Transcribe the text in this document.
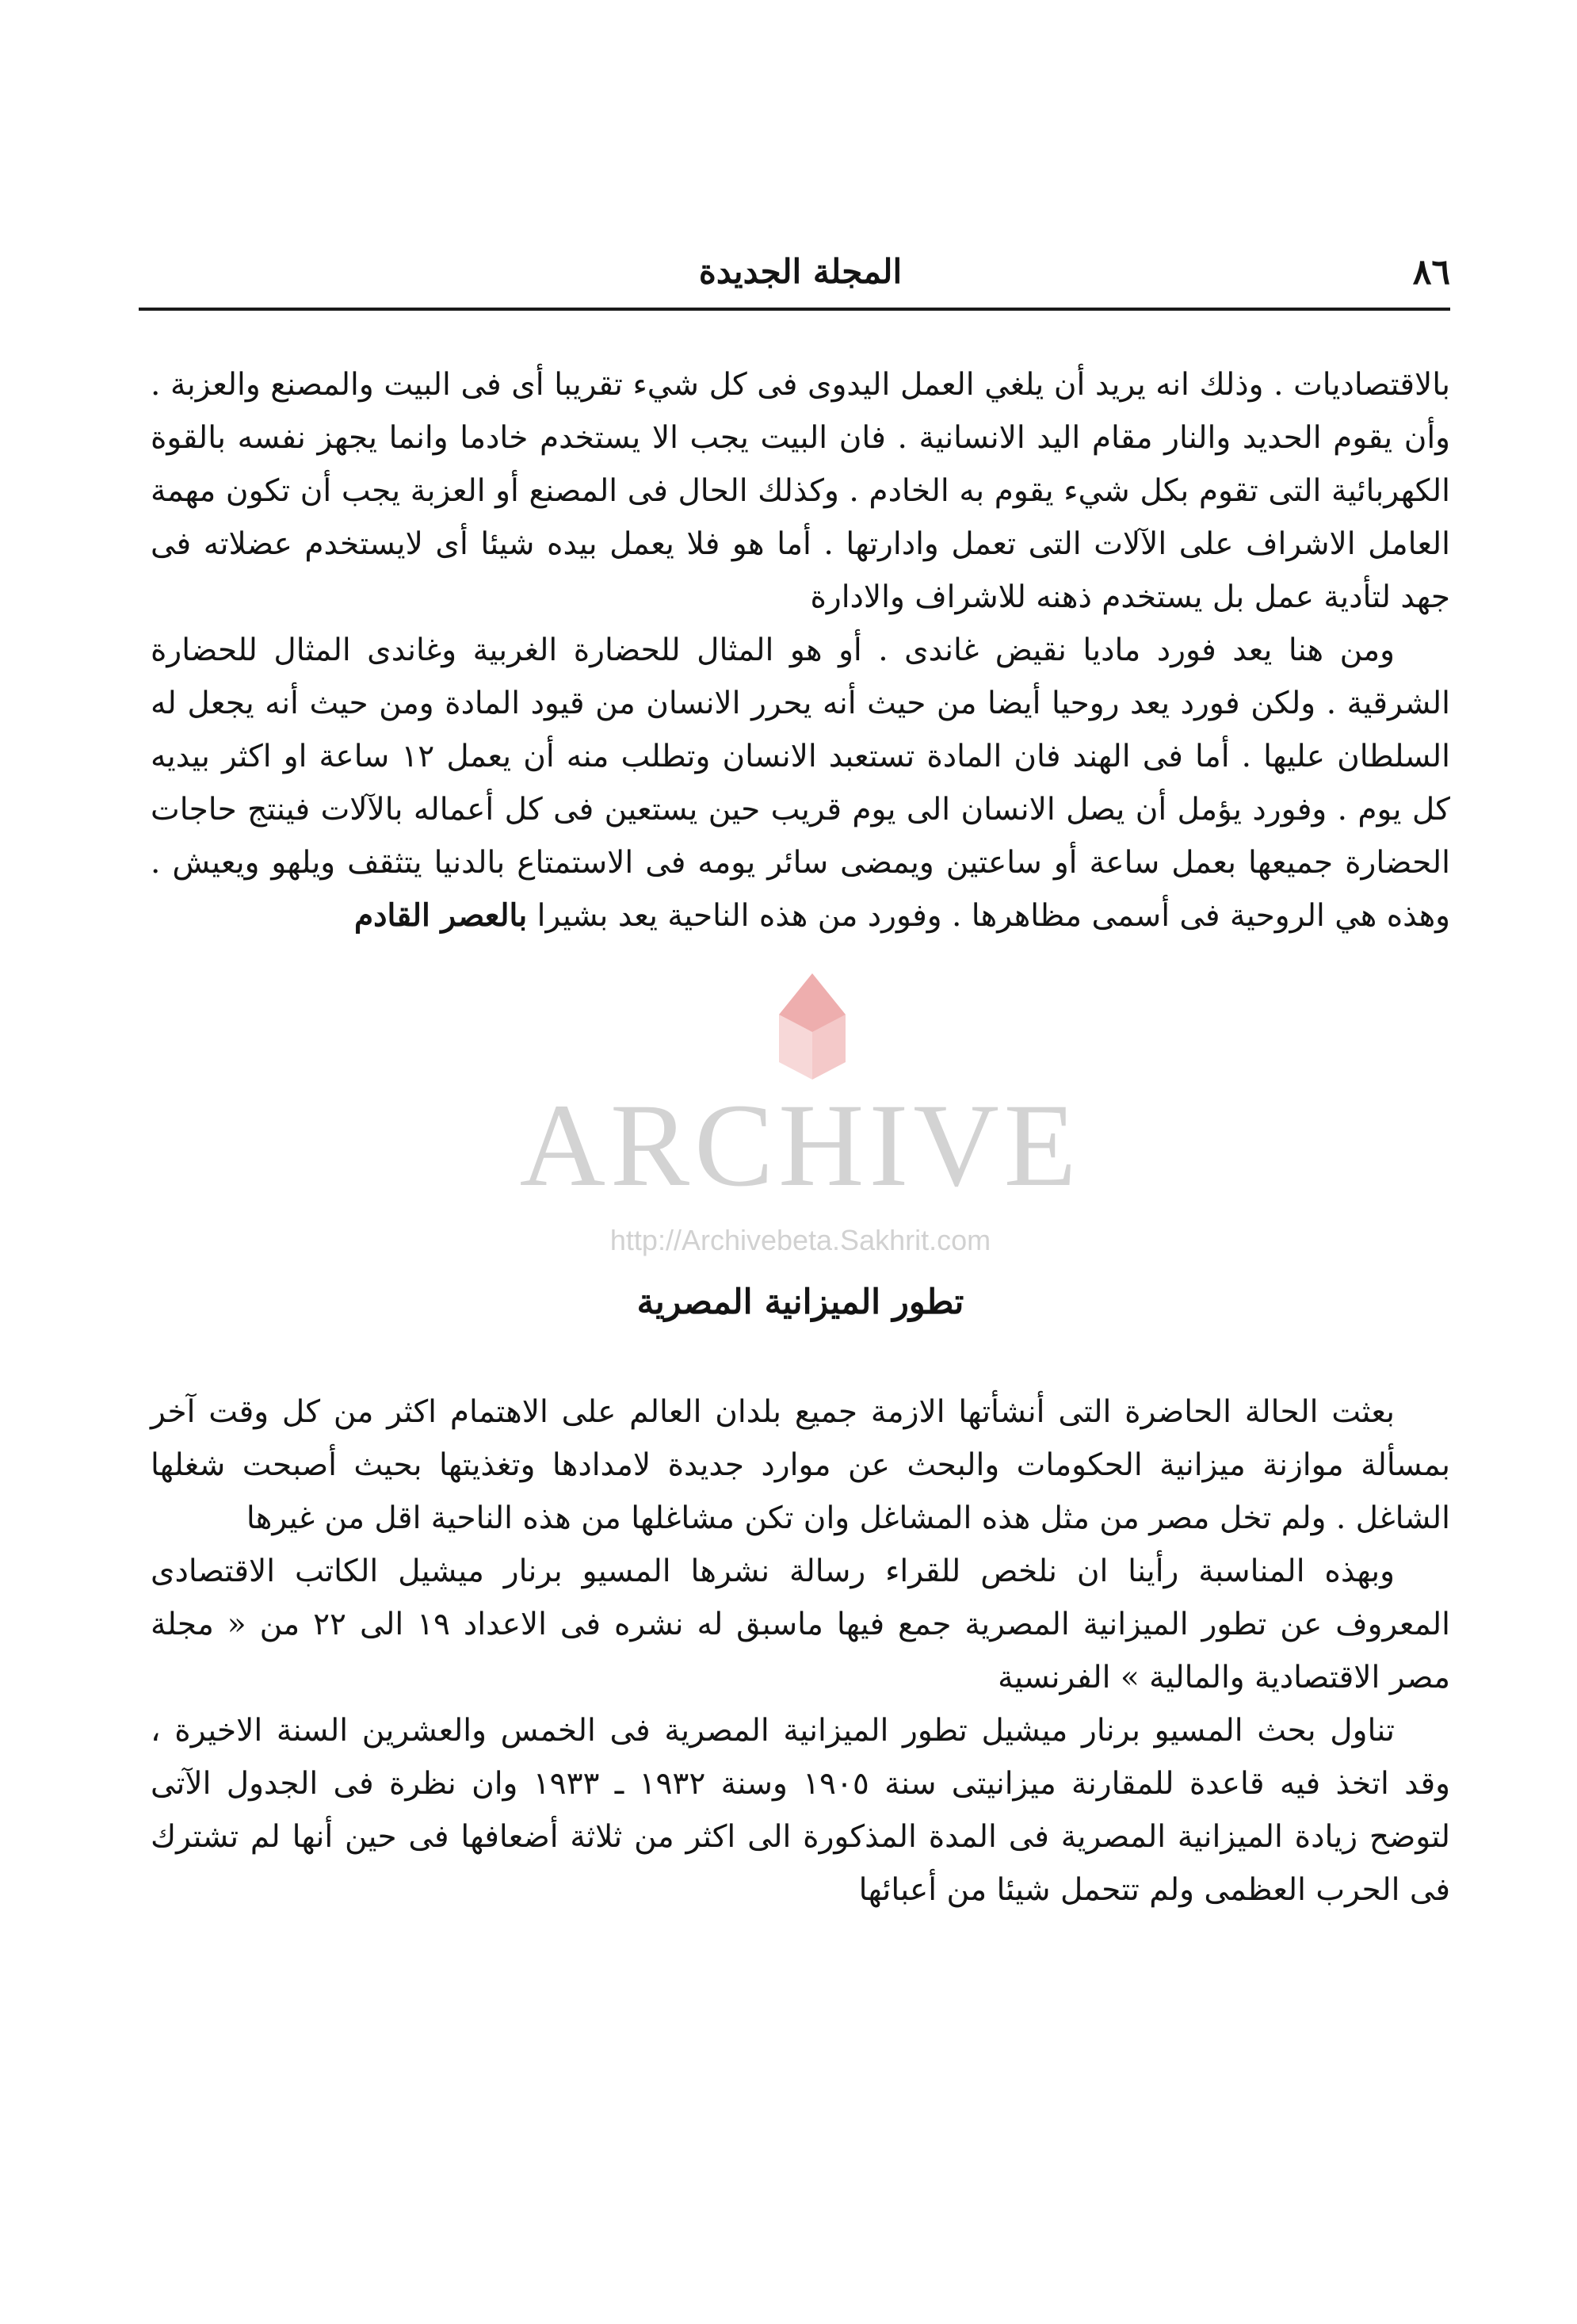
٨٦
المجلة الجديدة
ARCHIVE
http://Archivebeta.Sakhrit.com

بالاقتصاديات . وذلك انه يريد أن يلغي العمل اليدوى فى كل شيء تقريبا أى فى البيت والمصنع والعزبة . وأن يقوم الحديد والنار مقام اليد الانسانية . فان البيت يجب الا يستخدم خادما وانما يجهز نفسه بالقوة الكهربائية التى تقوم بكل شيء يقوم به الخادم . وكذلك الحال فى المصنع أو العزبة يجب أن تكون مهمة العامل الاشراف على الآلات التى تعمل وادارتها . أما هو فلا يعمل بيده شيئا أى لايستخدم عضلاته فى جهد لتأدية عمل بل يستخدم ذهنه للاشراف والادارة

ومن هنا يعد فورد ماديا نقيض غاندى . أو هو المثال للحضارة الغربية وغاندى المثال للحضارة الشرقية . ولكن فورد يعد روحيا أيضا من حيث أنه يحرر الانسان من قيود المادة ومن حيث أنه يجعل له السلطان عليها . أما فى الهند فان المادة تستعبد الانسان وتطلب منه أن يعمل ١٢ ساعة او اكثر بيديه كل يوم . وفورد يؤمل أن يصل الانسان الى يوم قريب حين يستعين فى كل أعماله بالآلات فينتج حاجات الحضارة جميعها بعمل ساعة أو ساعتين ويمضى سائر يومه فى الاستمتاع بالدنيا يتثقف ويلهو ويعيش . وهذه هي الروحية فى أسمى مظاهرها . وفورد من هذه الناحية يعد بشيرا بالعصر القادم

تطور الميزانية المصرية

بعثت الحالة الحاضرة التى أنشأتها الازمة جميع بلدان العالم على الاهتمام اكثر من كل وقت آخر بمسألة موازنة ميزانية الحكومات والبحث عن موارد جديدة لامدادها وتغذيتها بحيث أصبحت شغلها الشاغل . ولم تخل مصر من مثل هذه المشاغل وان تكن مشاغلها من هذه الناحية اقل من غيرها

وبهذه المناسبة رأينا ان نلخص للقراء رسالة نشرها المسيو برنار ميشيل الكاتب الاقتصادى المعروف عن تطور الميزانية المصرية جمع فيها ماسبق له نشره فى الاعداد ١٩ الى ٢٢ من « مجلة مصر الاقتصادية والمالية » الفرنسية

تناول بحث المسيو برنار ميشيل تطور الميزانية المصرية فى الخمس والعشرين السنة الاخيرة ، وقد اتخذ فيه قاعدة للمقارنة ميزانيتى سنة ١٩٠٥ وسنة ١٩٣٢ ـ ١٩٣٣ وان نظرة فى الجدول الآتى لتوضح زيادة الميزانية المصرية فى المدة المذكورة الى اكثر من ثلاثة أضعافها فى حين أنها لم تشترك فى الحرب العظمى ولم تتحمل شيئا من أعبائها
